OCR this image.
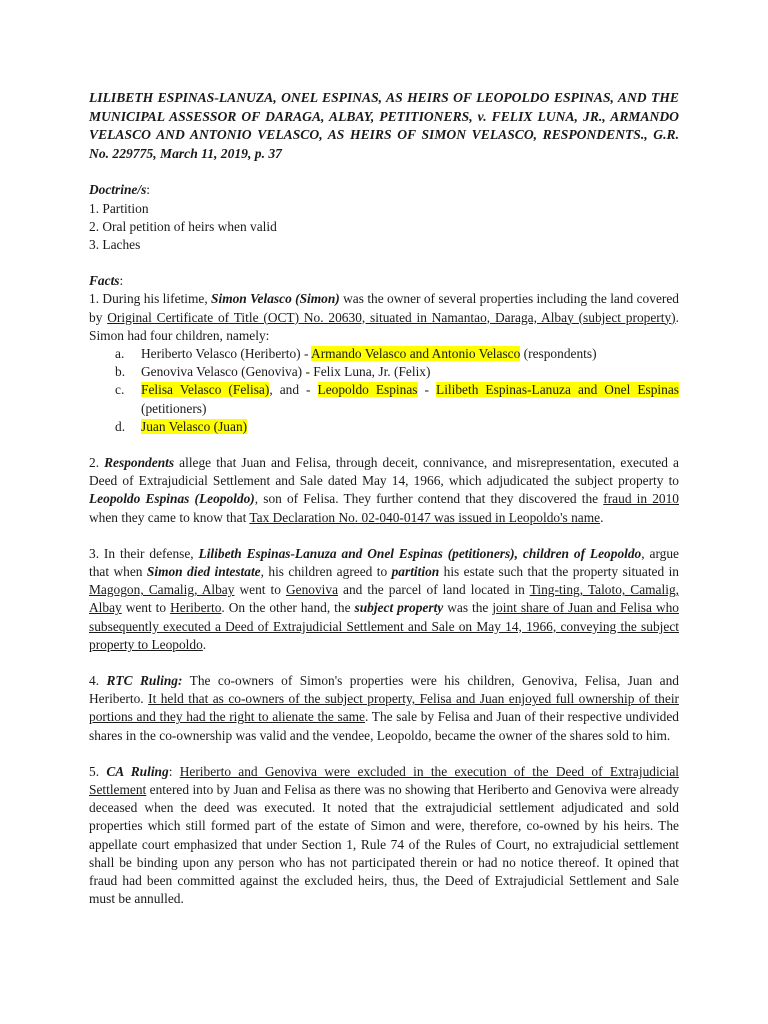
LILIBETH ESPINAS-LANUZA, ONEL ESPINAS, AS HEIRS OF LEOPOLDO ESPINAS, AND THE MUNICIPAL ASSESSOR OF DARAGA, ALBAY, PETITIONERS, v. FELIX LUNA, JR., ARMANDO VELASCO AND ANTONIO VELASCO, AS HEIRS OF SIMON VELASCO, RESPONDENTS., G.R. No. 229775, March 11, 2019, p. 37

Doctrine/s:

1. Partition

2. Oral petition of heirs when valid

3. Laches

Facts:

1. During his lifetime, Simon Velasco (Simon) was the owner of several properties including the land covered by Original Certificate of Title (OCT) No. 20630, situated in Namantao, Daraga, Albay (subject property). Simon had four children, namely:

a. Heriberto Velasco (Heriberto) - Armando Velasco and Antonio Velasco (respondents)
b. Genoviva Velasco (Genoviva) - Felix Luna, Jr. (Felix)
c. Felisa Velasco (Felisa), and - Leopoldo Espinas - Lilibeth Espinas-Lanuza and Onel Espinas
(petitioners)
d. Juan Velasco (Juan)

2. Respondents allege that Juan and Felisa, through deceit, connivance, and misrepresentation, executed a Deed of Extrajudicial Settlement and Sale dated May 14, 1966, which adjudicated the subject property to Leopoldo Espinas (Leopoldo), son of Felisa. They further contend that they discovered the fraud in 2010 when they came to know that Tax Declaration No. 02-040-0147 was issued in Leopoldo's name.

3. In their defense, Lilibeth Espinas-Lanuza and Onel Espinas (petitioners), children of Leopoldo, argue that when Simon died intestate, his children agreed to partition his estate such that the property situated in Magogon, Camalig, Albay went to Genoviva and the parcel of land located in Ting-ting, Taloto, Camalig, Albay went to Heriberto. On the other hand, the subject property was the joint share of Juan and Felisa who subsequently executed a Deed of Extrajudicial Settlement and Sale on May 14, 1966, conveying the subject property to Leopoldo.

4. RTC Ruling: The co-owners of Simon's properties were his children, Genoviva, Felisa, Juan and Heriberto. It held that as co-owners of the subject property, Felisa and Juan enjoyed full ownership of their portions and they had the right to alienate the same. The sale by Felisa and Juan of their respective undivided shares in the co-ownership was valid and the vendee, Leopoldo, became the owner of the shares sold to him.

5. CA Ruling: Heriberto and Genoviva were excluded in the execution of the Deed of Extrajudicial Settlement entered into by Juan and Felisa as there was no showing that Heriberto and Genoviva were already deceased when the deed was executed. It noted that the extrajudicial settlement adjudicated and sold properties which still formed part of the estate of Simon and were, therefore, co-owned by his heirs. The appellate court emphasized that under Section 1, Rule 74 of the Rules of Court, no extrajudicial settlement shall be binding upon any person who has not participated therein or had no notice thereof. It opined that fraud had been committed against the excluded heirs, thus, the Deed of Extrajudicial Settlement and Sale must be annulled.
